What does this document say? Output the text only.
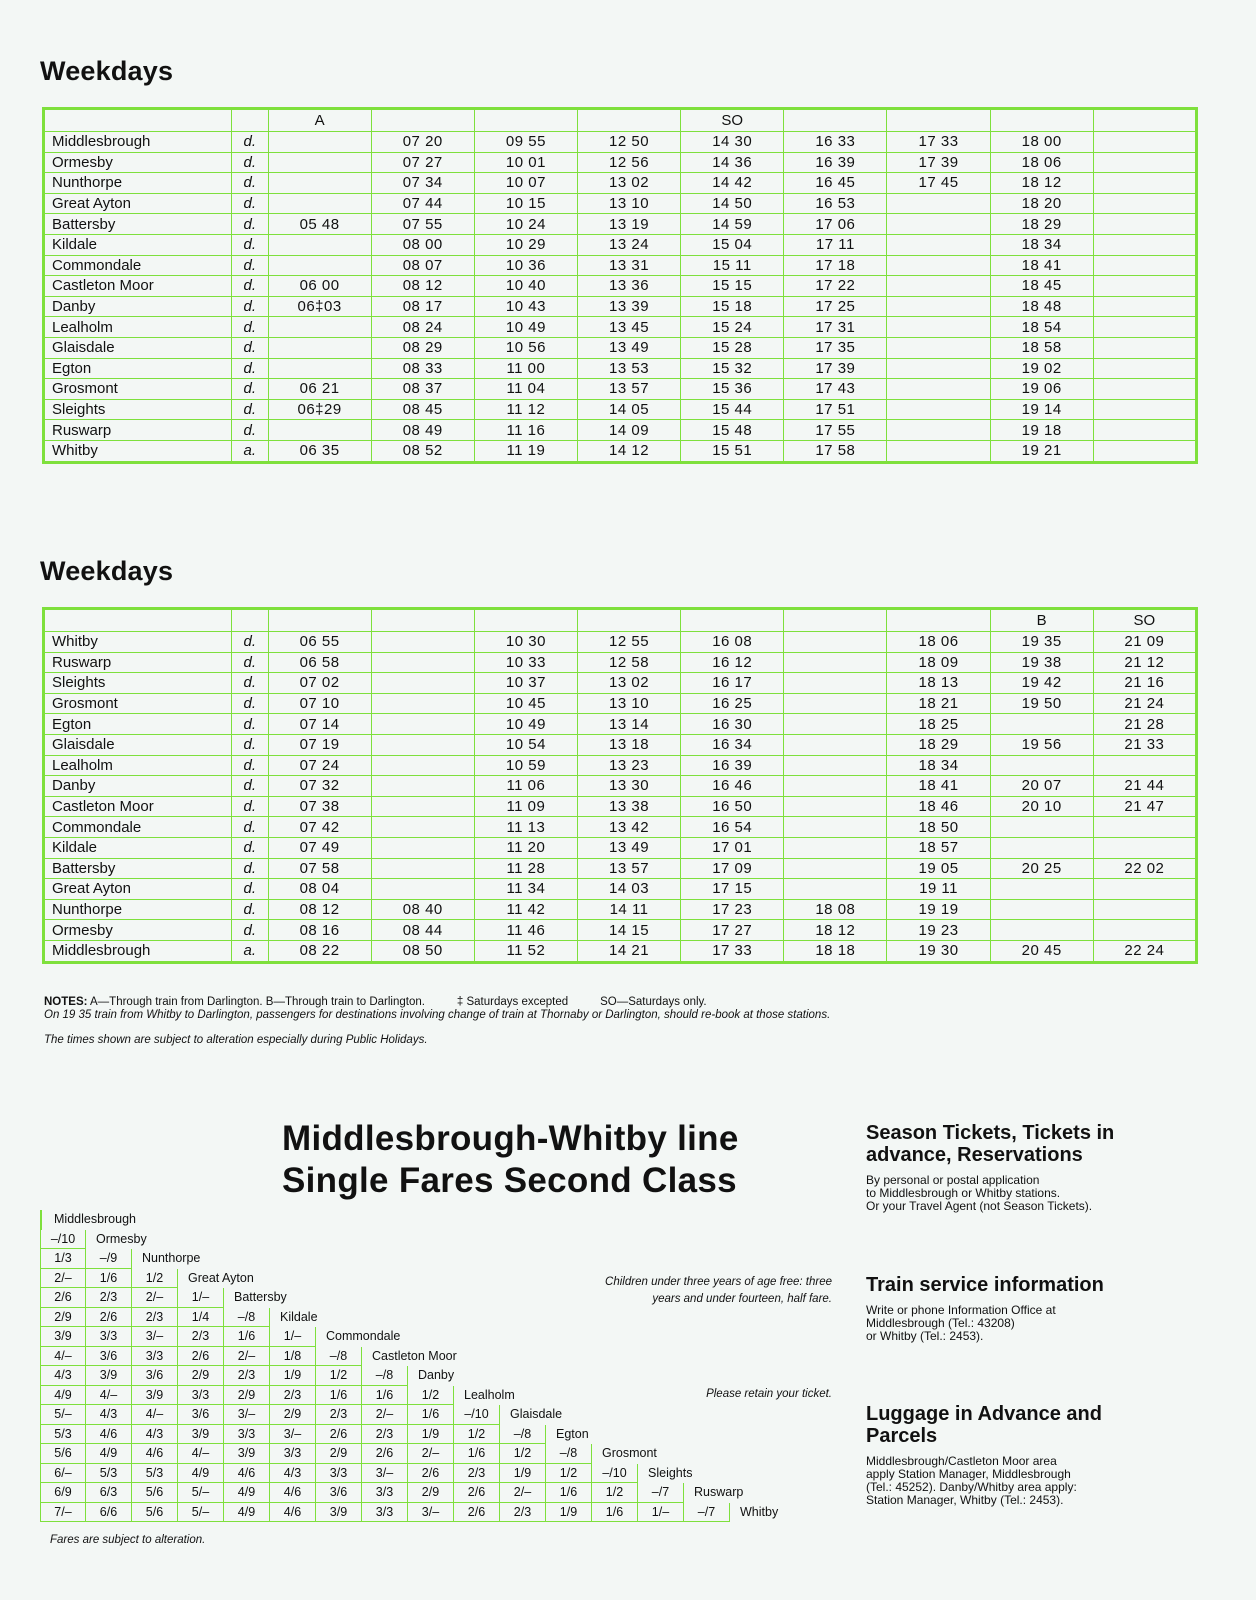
Weekdays
		A				SO				
Middlesbrough	d.		07 20	09 55	12 50	14 30	16 33	17 33	18 00	
Ormesby	d.		07 27	10 01	12 56	14 36	16 39	17 39	18 06	
Nunthorpe	d.		07 34	10 07	13 02	14 42	16 45	17 45	18 12	
Great Ayton	d.		07 44	10 15	13 10	14 50	16 53		18 20	
Battersby	d.	05 48	07 55	10 24	13 19	14 59	17 06		18 29	
Kildale	d.		08 00	10 29	13 24	15 04	17 11		18 34	
Commondale	d.		08 07	10 36	13 31	15 11	17 18		18 41	
Castleton Moor	d.	06 00	08 12	10 40	13 36	15 15	17 22		18 45	
Danby	d.	06‡03	08 17	10 43	13 39	15 18	17 25		18 48	
Lealholm	d.		08 24	10 49	13 45	15 24	17 31		18 54	
Glaisdale	d.		08 29	10 56	13 49	15 28	17 35		18 58	
Egton	d.		08 33	11 00	13 53	15 32	17 39		19 02	
Grosmont	d.	06 21	08 37	11 04	13 57	15 36	17 43		19 06	
Sleights	d.	06‡29	08 45	11 12	14 05	15 44	17 51		19 14	
Ruswarp	d.		08 49	11 16	14 09	15 48	17 55		19 18	
Whitby	a.	06 35	08 52	11 19	14 12	15 51	17 58		19 21	
Weekdays
									B	SO
Whitby	d.	06 55		10 30	12 55	16 08		18 06	19 35	21 09
Ruswarp	d.	06 58		10 33	12 58	16 12		18 09	19 38	21 12
Sleights	d.	07 02		10 37	13 02	16 17		18 13	19 42	21 16
Grosmont	d.	07 10		10 45	13 10	16 25		18 21	19 50	21 24
Egton	d.	07 14		10 49	13 14	16 30		18 25		21 28
Glaisdale	d.	07 19		10 54	13 18	16 34		18 29	19 56	21 33
Lealholm	d.	07 24		10 59	13 23	16 39		18 34		
Danby	d.	07 32		11 06	13 30	16 46		18 41	20 07	21 44
Castleton Moor	d.	07 38		11 09	13 38	16 50		18 46	20 10	21 47
Commondale	d.	07 42		11 13	13 42	16 54		18 50		
Kildale	d.	07 49		11 20	13 49	17 01		18 57		
Battersby	d.	07 58		11 28	13 57	17 09		19 05	20 25	22 02
Great Ayton	d.	08 04		11 34	14 03	17 15		19 11		
Nunthorpe	d.	08 12	08 40	11 42	14 11	17 23	18 08	19 19		
Ormesby	d.	08 16	08 44	11 46	14 15	17 27	18 12	19 23		
Middlesbrough	a.	08 22	08 50	11 52	14 21	17 33	18 18	19 30	20 45	22 24
NOTES: A—Through train from Darlington. B—Through train to Darlington.          ‡ Saturdays excepted          SO—Saturdays only.
On 19 35 train from Whitby to Darlington, passengers for destinations involving change of train at Thornaby or Darlington, should re-book at those stations.
The times shown are subject to alteration especially during Public Holidays.
Middlesbrough-Whitby line
Single Fares Second Class
Middlesbrough
–/10	Ormesby
1/3	–/9	Nunthorpe
2/–	1/6	1/2	Great Ayton
2/6	2/3	2/–	1/–	Battersby
2/9	2/6	2/3	1/4	–/8	Kildale
3/9	3/3	3/–	2/3	1/6	1/–	Commondale
4/–	3/6	3/3	2/6	2/–	1/8	–/8	Castleton Moor
4/3	3/9	3/6	2/9	2/3	1/9	1/2	–/8	Danby
4/9	4/–	3/9	3/3	2/9	2/3	1/6	1/6	1/2	Lealholm
5/–	4/3	4/–	3/6	3/–	2/9	2/3	2/–	1/6	–/10	Glaisdale
5/3	4/6	4/3	3/9	3/3	3/–	2/6	2/3	1/9	1/2	–/8	Egton
5/6	4/9	4/6	4/–	3/9	3/3	2/9	2/6	2/–	1/6	1/2	–/8	Grosmont
6/–	5/3	5/3	4/9	4/6	4/3	3/3	3/–	2/6	2/3	1/9	1/2	–/10	Sleights
6/9	6/3	5/6	5/–	4/9	4/6	3/6	3/3	2/9	2/6	2/–	1/6	1/2	–/7	Ruswarp
7/–	6/6	5/6	5/–	4/9	4/6	3/9	3/3	3/–	2/6	2/3	1/9	1/6	1/–	–/7	Whitby
Children under three years of age free: three years and under fourteen, half fare.
Please retain your ticket.
Fares are subject to alteration.
Season Tickets, Tickets in advance, Reservations

By personal or postal application

to Middlesbrough or Whitby stations.

Or your Travel Agent (not Season Tickets).

Train service information

Write or phone Information Office at

Middlesbrough (Tel.: 43208)

or Whitby (Tel.: 2453).

Luggage in Advance and
Parcels

Middlesbrough/Castleton Moor area

apply Station Manager, Middlesbrough

(Tel.: 45252). Danby/Whitby area apply:

Station Manager, Whitby (Tel.: 2453).
